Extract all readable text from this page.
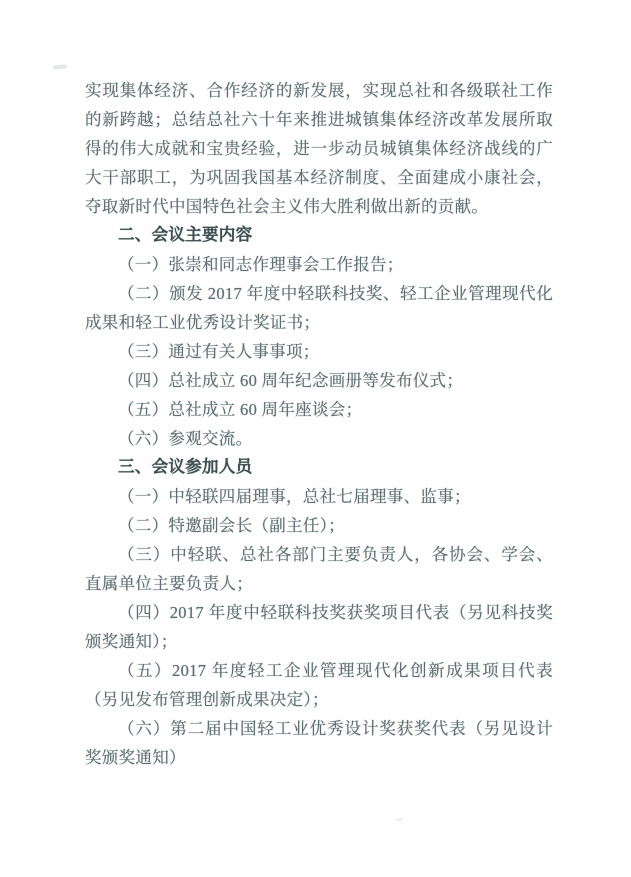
实现集体经济、合作经济的新发展，实现总社和各级联社工作的新跨越；总结总社六十年来推进城镇集体经济改革发展所取得的伟大成就和宝贵经验，进一步动员城镇集体经济战线的广大干部职工，为巩固我国基本经济制度、全面建成小康社会，夺取新时代中国特色社会主义伟大胜利做出新的贡献。

二、会议主要内容

（一）张崇和同志作理事会工作报告；

（二）颁发 2017 年度中轻联科技奖、轻工企业管理现代化成果和轻工业优秀设计奖证书；

（三）通过有关人事事项；

（四）总社成立 60 周年纪念画册等发布仪式；

（五）总社成立 60 周年座谈会；

（六）参观交流。

三、会议参加人员

（一）中轻联四届理事，总社七届理事、监事；

（二）特邀副会长（副主任）；

（三）中轻联、总社各部门主要负责人，各协会、学会、直属单位主要负责人；

（四）2017 年度中轻联科技奖获奖项目代表（另见科技奖颁奖通知）；

（五）2017 年度轻工企业管理现代化创新成果项目代表（另见发布管理创新成果决定）；

（六）第二届中国轻工业优秀设计奖获奖代表（另见设计奖颁奖通知）
